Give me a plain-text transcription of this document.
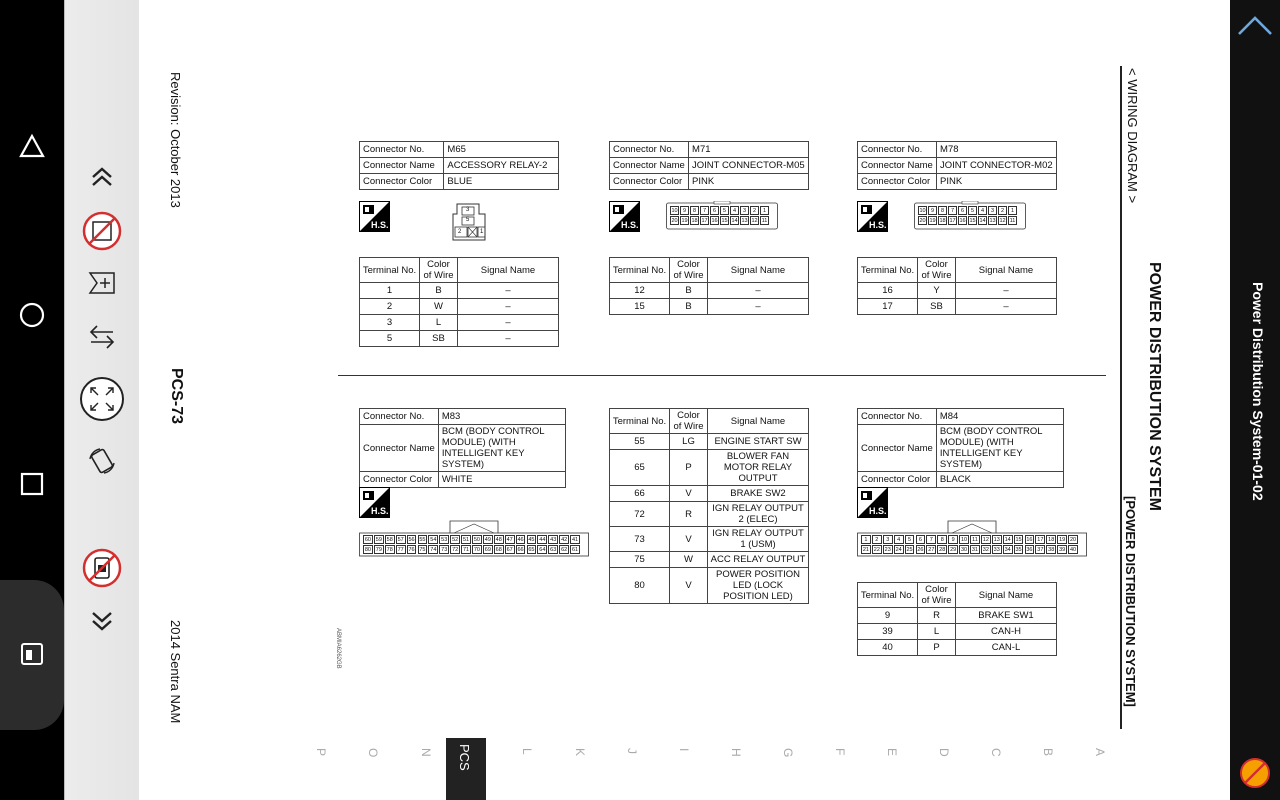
Revision: October 2013
PCS-73
2014 Sentra NAM	ABMIA6262GB
< WIRING DIAGRAM >
POWER DISTRIBUTION SYSTEM
[POWER DISTRIBUTION SYSTEM]
Connector No.	M65
Connector Name	ACCESSORY RELAY-2
Connector Color	BLUE
H.S.
3
5
2	1
Terminal No.	Color of Wire	Signal Name
1	B	–
2	W	–
3	L	–
5	SB	–
Connector No.	M71
Connector Name	JOINT CONNECTOR-M05
Connector Color	PINK
H.S.
10 9	8	7	6	5	4	3	2	1
20 19 18 17 16 15 14 13 12 11
Terminal No.	Color of Wire	Signal Name
12	B	–
15	B	–
Connector No.	M78
Connector Name	JOINT CONNECTOR-M02
Connector Color	PINK
H.S.
10 9	8	7	6	5	4	3	2	1
20 19 18 17 16 15 14 13 12 11
Terminal No.	Color of Wire	Signal Name
16	Y	–
17	SB	–
Connector No.	M83
Connector Name	BCM (BODY CONTROL MODULE) (WITH INTELLIGENT KEY SYSTEM)
Connector Color	WHITE
H.S.
60 59 58 57 56 55 54 53 52 51 50 49 48 47 46 45 44 43 42 41
80 79 78 77 76 75 74 73 72 71 70 69 68 67 66 65 64 63 62 61
Terminal No.	Color of Wire	Signal Name
55	LG	ENGINE START SW
65	P	BLOWER FAN MOTOR RELAY OUTPUT
66	V	BRAKE SW2
72	R	IGN RELAY OUTPUT 2 (ELEC)
73	V	IGN RELAY OUTPUT 1 (USM)
75	W	ACC RELAY OUTPUT
80	V	POWER POSITION LED (LOCK POSITION LED)
Connector No.	M84
Connector Name	BCM (BODY CONTROL MODULE) (WITH INTELLIGENT KEY SYSTEM)
Connector Color	BLACK
H.S.
1	2	3	4	5	6	7	8	9	10 11 12 13 14 15 16 17 18 19 20
21 22 23 24 25 26 27 28 29 30 31 32 33 34 35 36 37 38 39 40
Terminal No.	Color of Wire	Signal Name
9	R	BRAKE SW1
39	L	CAN-H
40	P	CAN-L
A
B
C
D
E
F
G
H
I
J
K
L
PCS
N
O
P
Power Distribution System-01-02
